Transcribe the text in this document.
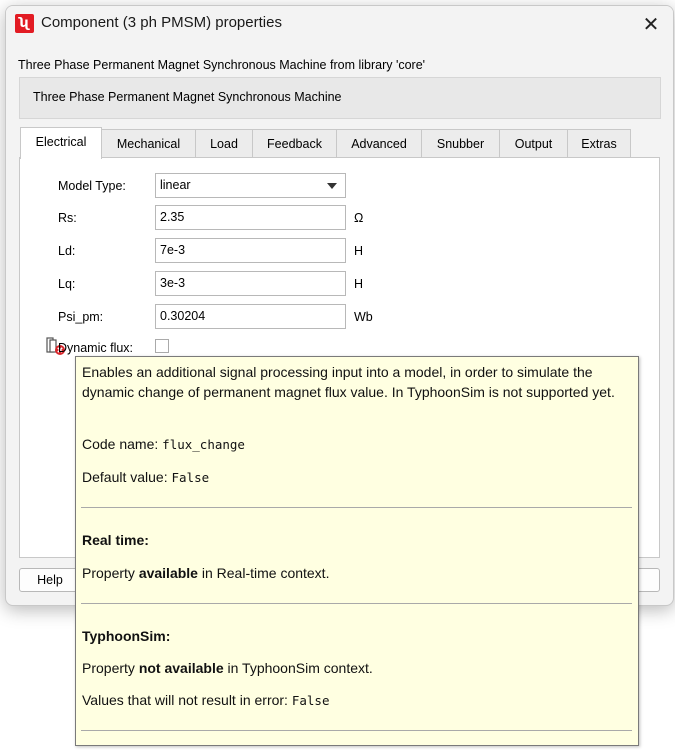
ʯ Component (3 ph PMSM) properties	✕
Three Phase Permanent Magnet Synchronous Machine from library 'core'
Three Phase Permanent Magnet Synchronous Machine
Electrical	Mechanical	Load	Feedback	Advanced	Snubber	Output	Extras
Model Type:	linear
Rs:	2.35	Ω
Ld:	7e-3	H
Lq:	3e-3	H
Psi_pm:	0.30204	Wb
Dynamic flux:
Help

Enables an additional signal processing input into a model, in order to simulate the dynamic change of permanent magnet flux value. In TyphoonSim is not supported yet.

Code name: flux_change

Default value: False

Real time:

Property available in Real-time context.

TyphoonSim:

Property not available in TyphoonSim context.

Values that will not result in error: False
